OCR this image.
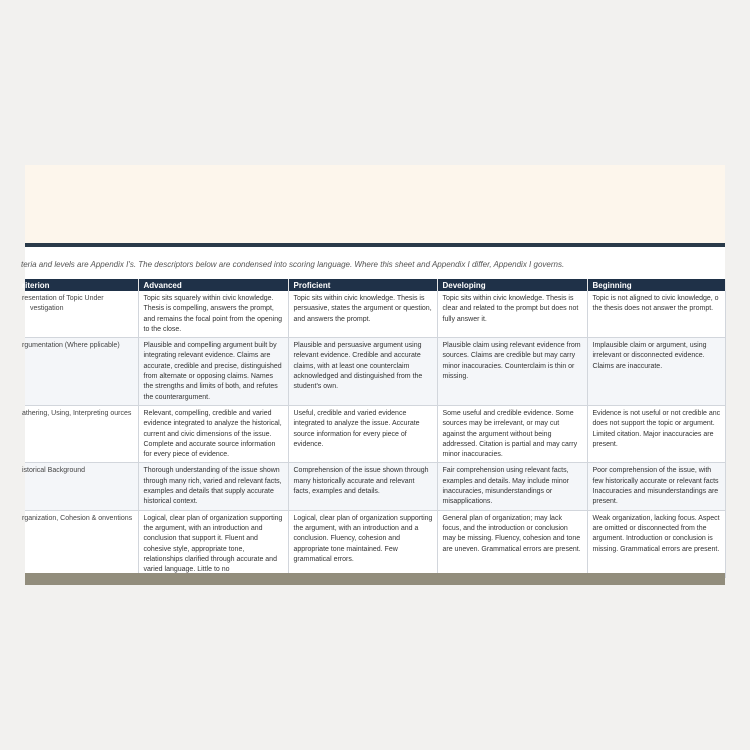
teria and levels are Appendix I's. The descriptors below are condensed into scoring language. Where this sheet and Appendix I differ, Appendix I governs.
riterion	Advanced	Proficient	Developing	Beginning
resentation of Topic Under vestigation	Topic sits squarely within civic knowledge. Thesis is compelling, answers the prompt, and remains the focal point from the opening to the close.	Topic sits within civic knowledge. Thesis is persuasive, states the argument or question, and answers the prompt.	Topic sits within civic knowledge. Thesis is clear and related to the prompt but does not fully answer it.	Topic is not aligned to civic knowledge, o the thesis does not answer the prompt.
rgumentation (Where pplicable)	Plausible and compelling argument built by integrating relevant evidence. Claims are accurate, credible and precise, distinguished from alternate or opposing claims. Names the strengths and limits of both, and refutes the counterargument.	Plausible and persuasive argument using relevant evidence. Credible and accurate claims, with at least one counterclaim acknowledged and distinguished from the student's own.	Plausible claim using relevant evidence from sources. Claims are credible but may carry minor inaccuracies. Counterclaim is thin or missing.	Implausible claim or argument, using irrelevant or disconnected evidence. Claims are inaccurate.
athering, Using, Interpreting ources	Relevant, compelling, credible and varied evidence integrated to analyze the historical, current and civic dimensions of the issue. Complete and accurate source information for every piece of evidence.	Useful, credible and varied evidence integrated to analyze the issue. Accurate source information for every piece of evidence.	Some useful and credible evidence. Some sources may be irrelevant, or may cut against the argument without being addressed. Citation is partial and may carry minor inaccuracies.	Evidence is not useful or not credible anc does not support the topic or argument. Limited citation. Major inaccuracies are present.
istorical Background	Thorough understanding of the issue shown through many rich, varied and relevant facts, examples and details that supply accurate historical context.	Comprehension of the issue shown through many historically accurate and relevant facts, examples and details.	Fair comprehension using relevant facts, examples and details. May include minor inaccuracies, misunderstandings or misapplications.	Poor comprehension of the issue, with few historically accurate or relevant facts Inaccuracies and misunderstandings are present.
rganization, Cohesion & onventions	Logical, clear plan of organization supporting the argument, with an introduction and conclusion that support it. Fluent and cohesive style, appropriate tone, relationships clarified through accurate and varied language. Little to no	Logical, clear plan of organization supporting the argument, with an introduction and a conclusion. Fluency, cohesion and appropriate tone maintained. Few grammatical errors.	General plan of organization; may lack focus, and the introduction or conclusion may be missing. Fluency, cohesion and tone are uneven. Grammatical errors are present.	Weak organization, lacking focus. Aspect are omitted or disconnected from the argument. Introduction or conclusion is missing. Grammatical errors are present.
